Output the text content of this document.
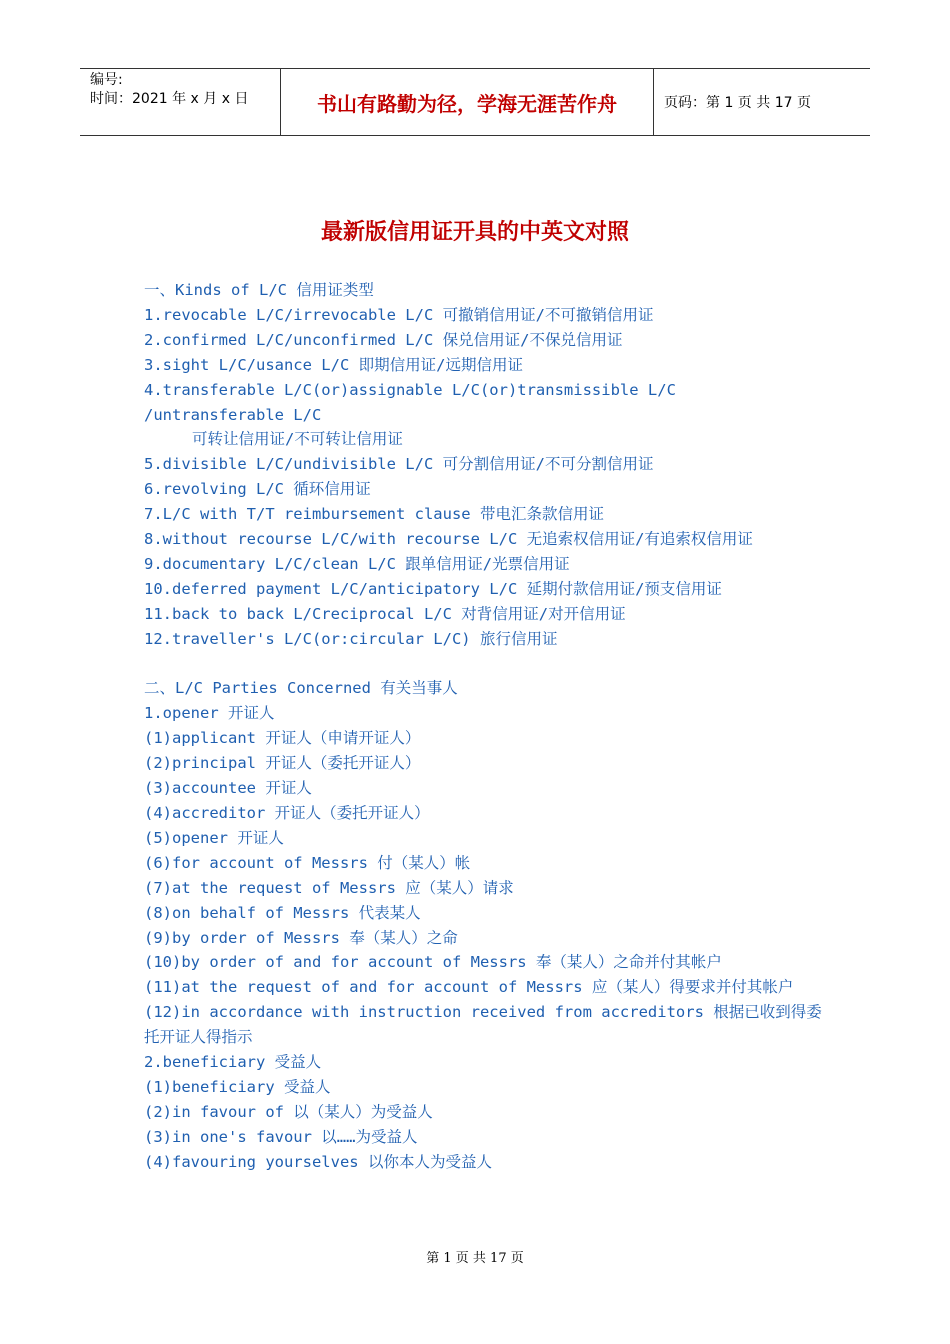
编号:
时间：2021 年 x 月 x 日	书山有路勤为径，学海无涯苦作舟	页码：第 1 页 共 17 页
最新版信用证开具的中英文对照
一、Kinds of L/C 信用证类型
1.revocable L/C/irrevocable L/C 可撤销信用证/不可撤销信用证
2.confirmed L/C/unconfirmed L/C 保兑信用证/不保兑信用证
3.sight L/C/usance L/C 即期信用证/远期信用证
4.transferable L/C(or)assignable L/C(or)transmissible L/C
/untransferable L/C
可转让信用证/不可转让信用证
5.divisible L/C/undivisible L/C 可分割信用证/不可分割信用证
6.revolving L/C 循环信用证
7.L/C with T/T reimbursement clause 带电汇条款信用证
8.without recourse L/C/with recourse L/C 无追索权信用证/有追索权信用证
9.documentary L/C/clean L/C 跟单信用证/光票信用证
10.deferred payment L/C/anticipatory L/C 延期付款信用证/预支信用证
11.back to back L/Creciprocal L/C 对背信用证/对开信用证
12.traveller's L/C(or:circular L/C) 旅行信用证
二、L/C Parties Concerned 有关当事人
1.opener 开证人
(1)applicant 开证人（申请开证人）
(2)principal 开证人（委托开证人）
(3)accountee 开证人
(4)accreditor 开证人（委托开证人）
(5)opener 开证人
(6)for account of Messrs 付（某人）帐
(7)at the request of Messrs 应（某人）请求
(8)on behalf of Messrs 代表某人
(9)by order of Messrs 奉（某人）之命
(10)by order of and for account of Messrs 奉（某人）之命并付其帐户
(11)at the request of and for account of Messrs 应（某人）得要求并付其帐户
(12)in accordance with instruction received from accreditors 根据已收到得委托开证人得指示
2.beneficiary 受益人
(1)beneficiary 受益人
(2)in favour of 以（某人）为受益人
(3)in one's favour 以……为受益人
(4)favouring yourselves 以你本人为受益人
第 1 页 共 17 页
